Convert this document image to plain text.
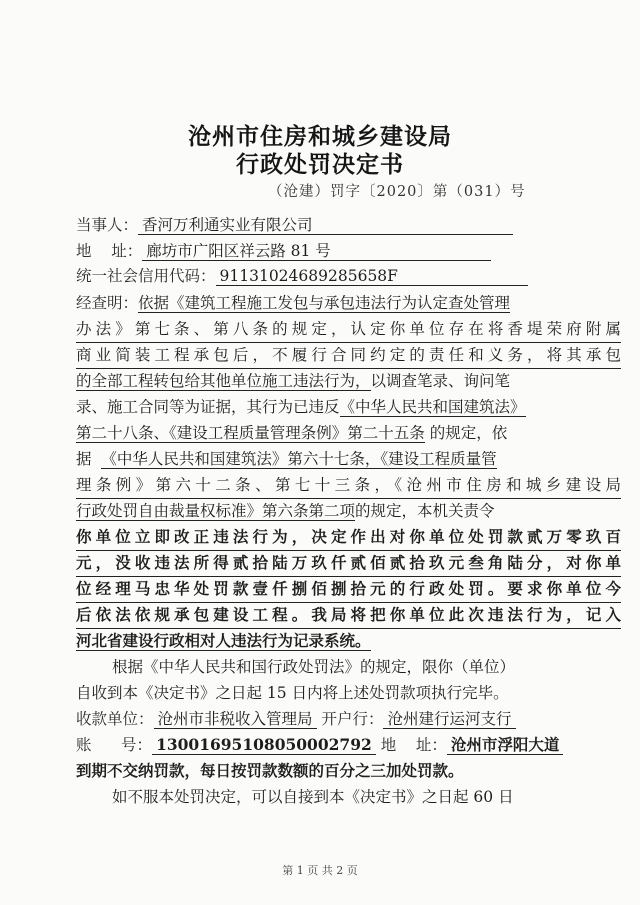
沧州市住房和城乡建设局
行政处罚决定书
（沧建）罚字〔2020〕第（031）号
当事人： 香河万利通实业有限公司
地    址： 廊坊市广阳区祥云路 81 号
统一社会信用代码： 91131024689285658F
经查明：依据《建筑工程施工发包与承包违法行为认定查处管理
办法》第七条、第八条的规定，认定你单位存在将香堤荣府附属
商业简装工程承包后，不履行合同约定的责任和义务，将其承包
的全部工程转包给其他单位施工违法行为，以调查笔录、询问笔
录、施工合同等为证据，其行为已违反《中华人民共和国建筑法》
第二十八条、《建设工程质量管理条例》第二十五条 的规定，依
据 《中华人民共和国建筑法》第六十七条，《建设工程质量管
理条例》第六十二条、第七十三条，《沧州市住房和城乡建设局
行政处罚自由裁量权标准》第六条第二项的规定，本机关责令
你单位立即改正违法行为，决定作出对你单位处罚款贰万零玖百
元，没收违法所得贰拾陆万玖仟贰佰贰拾玖元叁角陆分，对你单
位经理马忠华处罚款壹仟捌佰捌拾元的行政处罚。要求你单位今
后依法依规承包建设工程。我局将把你单位此次违法行为，记入
河北省建设行政相对人违法行为记录系统。
根据《中华人民共和国行政处罚法》的规定，限你（单位）
自收到本《决定书》之日起 15 日内将上述处罚款项执行完毕。
收款单位： 沧州市非税收入管理局 开户行： 沧州建行运河支行
账      号： 13001695108050002792 地    址： 沧州市浮阳大道
到期不交纳罚款，每日按罚款数额的百分之三加处罚款。
如不服本处罚决定，可以自接到本《决定书》之日起 60 日
第 1 页 共 2 页
